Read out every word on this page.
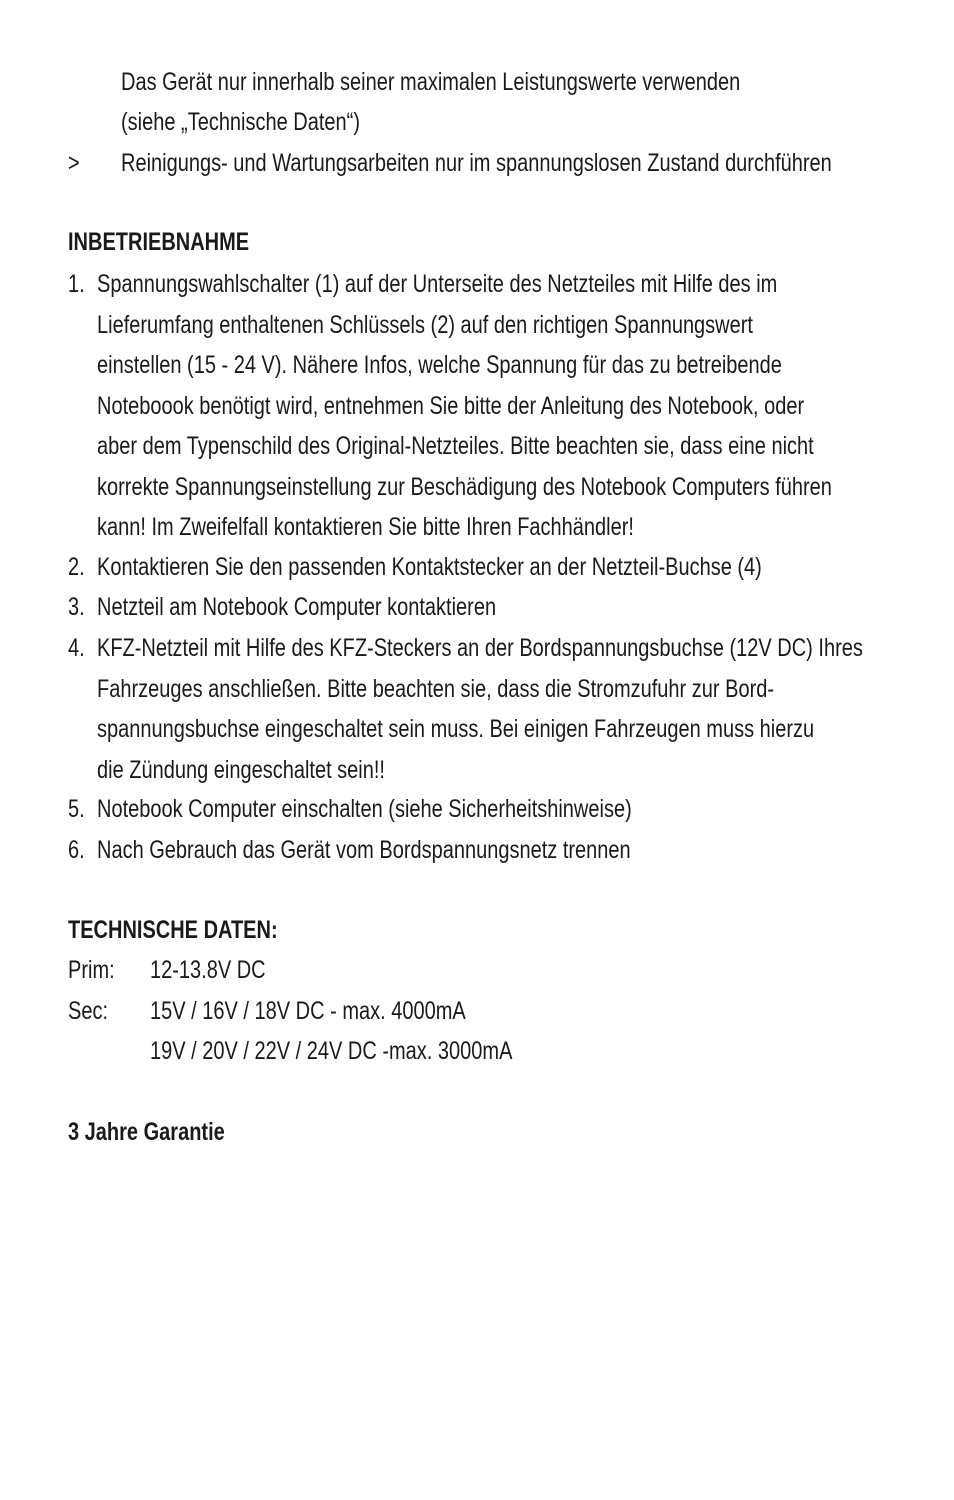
Das Gerät nur innerhalb seiner maximalen Leistungswerte verwenden
(siehe „Technische Daten“)
> Reinigungs- und Wartungsarbeiten nur im spannungslosen Zustand durchführen
INBETRIEBNAHME
1. Spannungswahlschalter (1) auf der Unterseite des Netzteiles mit Hilfe des im
Lieferumfang enthaltenen Schlüssels (2) auf den richtigen Spannungswert
einstellen (15 - 24 V). Nähere Infos, welche Spannung für das zu betreibende
Noteboook benötigt wird, entnehmen Sie bitte der Anleitung des Notebook, oder
aber dem Typenschild des Original-Netzteiles. Bitte beachten sie, dass eine nicht
korrekte Spannungseinstellung zur Beschädigung des Notebook Computers führen
kann! Im Zweifelfall kontaktieren Sie bitte Ihren Fachhändler!
2. Kontaktieren Sie den passenden Kontaktstecker an der Netzteil-Buchse (4)
3. Netzteil am Notebook Computer kontaktieren
4. KFZ-Netzteil mit Hilfe des KFZ-Steckers an der Bordspannungsbuchse (12V DC) Ihres
Fahrzeuges anschließen. Bitte beachten sie, dass die Stromzufuhr zur Bord-
spannungsbuchse eingeschaltet sein muss. Bei einigen Fahrzeugen muss hierzu
die Zündung eingeschaltet sein!!
5. Notebook Computer einschalten (siehe Sicherheitshinweise)
6. Nach Gebrauch das Gerät vom Bordspannungsnetz trennen
TECHNISCHE DATEN:
Prim: 12-13.8V DC
Sec: 15V / 16V / 18V DC - max. 4000mA
19V / 20V / 22V / 24V DC -max. 3000mA
3 Jahre Garantie
